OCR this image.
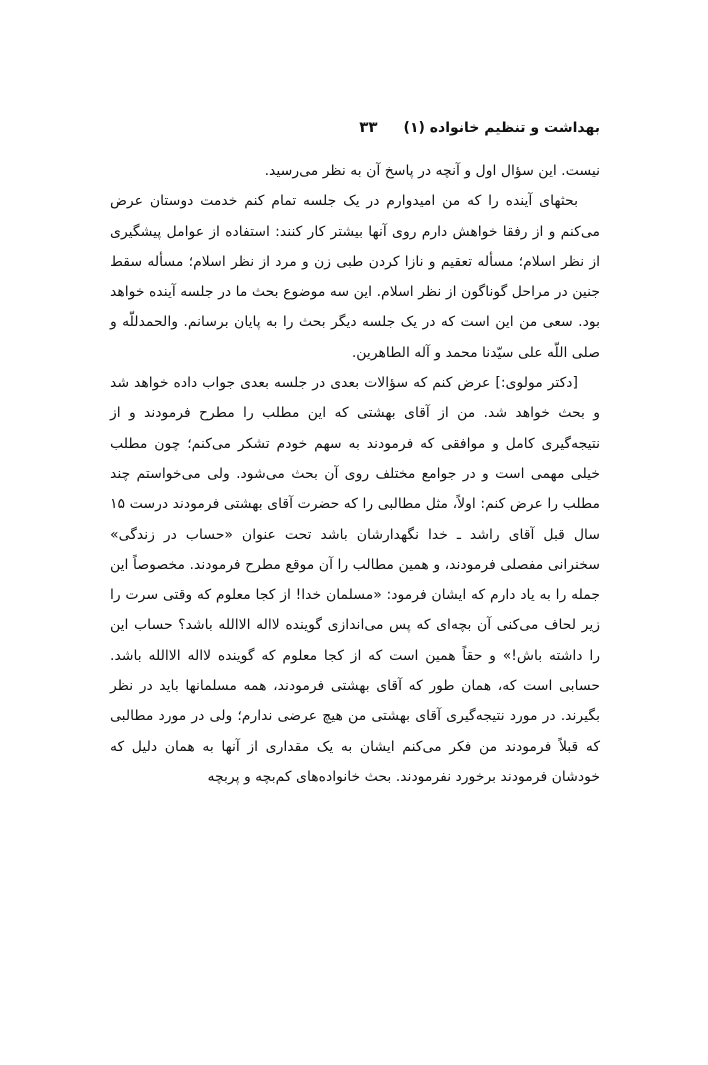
بهداشت و تنظیم خانواده (۱)
۳۳

نیست. این سؤال اول و آنچه در پاسخ آن به نظر می‌رسید.

بحثهای آینده را که من امیدوارم در یک جلسه تمام کنم خدمت دوستان عرض می‌کنم و از رفقا خواهش دارم روی آنها بیشتر کار کنند: استفاده از عوامل پیشگیری از نظر اسلام؛ مسأله تعقیم و نازا کردن طبی زن و مرد از نظر اسلام؛ مسأله سقط جنین در مراحل گوناگون از نظر اسلام. این سه موضوع بحث ما در جلسه آینده خواهد بود. سعی من این است که در یک جلسه دیگر بحث را به پایان برسانم. والحمدللّه و صلی اللّه علی سیّدنا محمد و آله الطاهرین.

[دکتر مولوی:] عرض کنم که سؤالات بعدی در جلسه بعدی جواب داده خواهد شد و بحث خواهد شد. من از آقای بهشتی که این مطلب را مطرح فرمودند و از نتیجه‌گیری کامل و موافقی که فرمودند به سهم خودم تشکر می‌کنم؛ چون مطلب خیلی مهمی است و در جوامع مختلف روی آن بحث می‌شود. ولی می‌خواستم چند مطلب را عرض کنم: اولاً، مثل مطالبی را که حضرت آقای بهشتی فرمودند درست ۱۵ سال قبل آقای راشد ـ خدا نگهدارشان باشد تحت عنوان «حساب در زندگی» سخنرانی مفصلی فرمودند، و همین مطالب را آن موقع مطرح فرمودند. مخصوصاً این جمله را به یاد دارم که ایشان فرمود: «مسلمان خدا! از کجا معلوم که وقتی سرت را زیر لحاف می‌کنی آن بچه‌ای که پس می‌اندازی گوینده لااله الاالله باشد؟ حساب این را داشته باش!» و حقاً همین است که از کجا معلوم که گوینده لااله الاالله باشد. حسابی است که، همان طور که آقای بهشتی فرمودند، همه مسلمانها باید در نظر بگیرند. در مورد نتیجه‌گیری آقای بهشتی من هیچ عرضی ندارم؛ ولی در مورد مطالبی که قبلاً فرمودند من فکر می‌کنم ایشان به یک مقداری از آنها به همان دلیل که خودشان فرمودند برخورد نفرمودند. بحث خانواده‌های کم‌بچه و پربچه
